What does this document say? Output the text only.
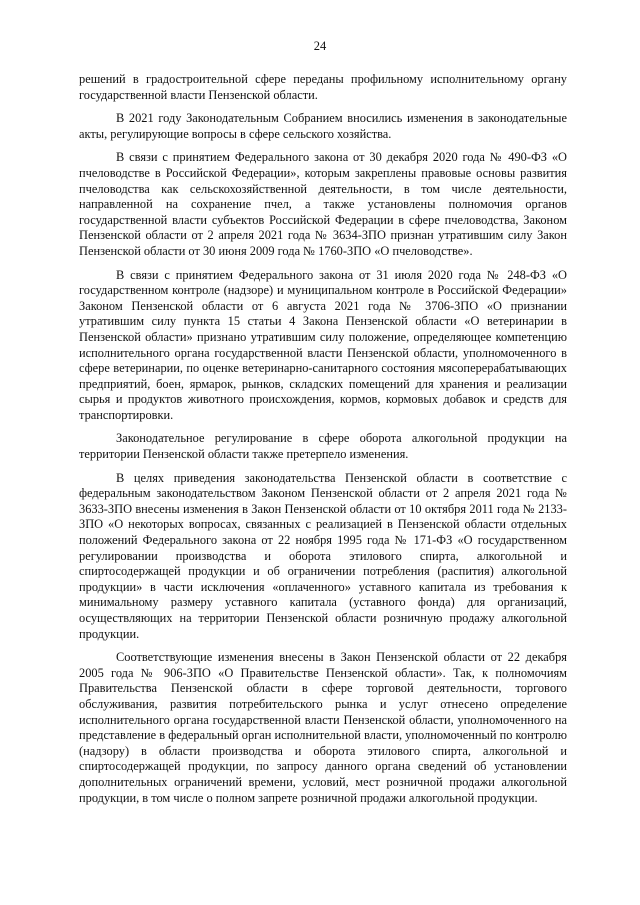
24

решений в градостроительной сфере переданы профильному исполнительному органу государственной власти Пензенской области.

В 2021 году Законодательным Собранием вносились изменения в законодательные акты, регулирующие вопросы в сфере сельского хозяйства.

В связи с принятием Федерального закона от 30 декабря 2020 года № 490-ФЗ «О пчеловодстве в Российской Федерации», которым закреплены правовые основы развития пчеловодства как сельскохозяйственной деятельности, в том числе деятельности, направленной на сохранение пчел, а также установлены полномочия органов государственной власти субъектов Российской Федерации в сфере пчеловодства, Законом Пензенской области от 2 апреля 2021 года № 3634-ЗПО признан утратившим силу Закон Пензенской области от 30 июня 2009 года № 1760-ЗПО «О пчеловодстве».

В связи с принятием Федерального закона от 31 июля 2020 года № 248-ФЗ «О государственном контроле (надзоре) и муниципальном контроле в Российской Федерации» Законом Пензенской области от 6 августа 2021 года № 3706-ЗПО «О признании утратившим силу пункта 15 статьи 4 Закона Пензенской области «О ветеринарии в Пензенской области» признано утратившим силу положение, определяющее компетенцию исполнительного органа государственной власти Пензенской области, уполномоченного в сфере ветеринарии, по оценке ветеринарно-санитарного состояния мясоперерабатывающих предприятий, боен, ярмарок, рынков, складских помещений для хранения и реализации сырья и продуктов животного происхождения, кормов, кормовых добавок и средств для транспортировки.

Законодательное регулирование в сфере оборота алкогольной продукции на территории Пензенской области также претерпело изменения.

В целях приведения законодательства Пензенской области в соответствие с федеральным законодательством Законом Пензенской области от 2 апреля 2021 года № 3633-ЗПО внесены изменения в Закон Пензенской области от 10 октября 2011 года № 2133-ЗПО «О некоторых вопросах, связанных с реализацией в Пензенской области отдельных положений Федерального закона от 22 ноября 1995 года № 171-ФЗ «О государственном регулировании производства и оборота этилового спирта, алкогольной и спиртосодержащей продукции и об ограничении потребления (распития) алкогольной продукции» в части исключения «оплаченного» уставного капитала из требования к минимальному размеру уставного капитала (уставного фонда) для организаций, осуществляющих на территории Пензенской области розничную продажу алкогольной продукции.

Соответствующие изменения внесены в Закон Пензенской области от 22 декабря 2005 года № 906-ЗПО «О Правительстве Пензенской области». Так, к полномочиям Правительства Пензенской области в сфере торговой деятельности, торгового обслуживания, развития потребительского рынка и услуг отнесено определение исполнительного органа государственной власти Пензенской области, уполномоченного на представление в федеральный орган исполнительной власти, уполномоченный по контролю (надзору) в области производства и оборота этилового спирта, алкогольной и спиртосодержащей продукции, по запросу данного органа сведений об установлении дополнительных ограничений времени, условий, мест розничной продажи алкогольной продукции, в том числе о полном запрете розничной продажи алкогольной продукции.
